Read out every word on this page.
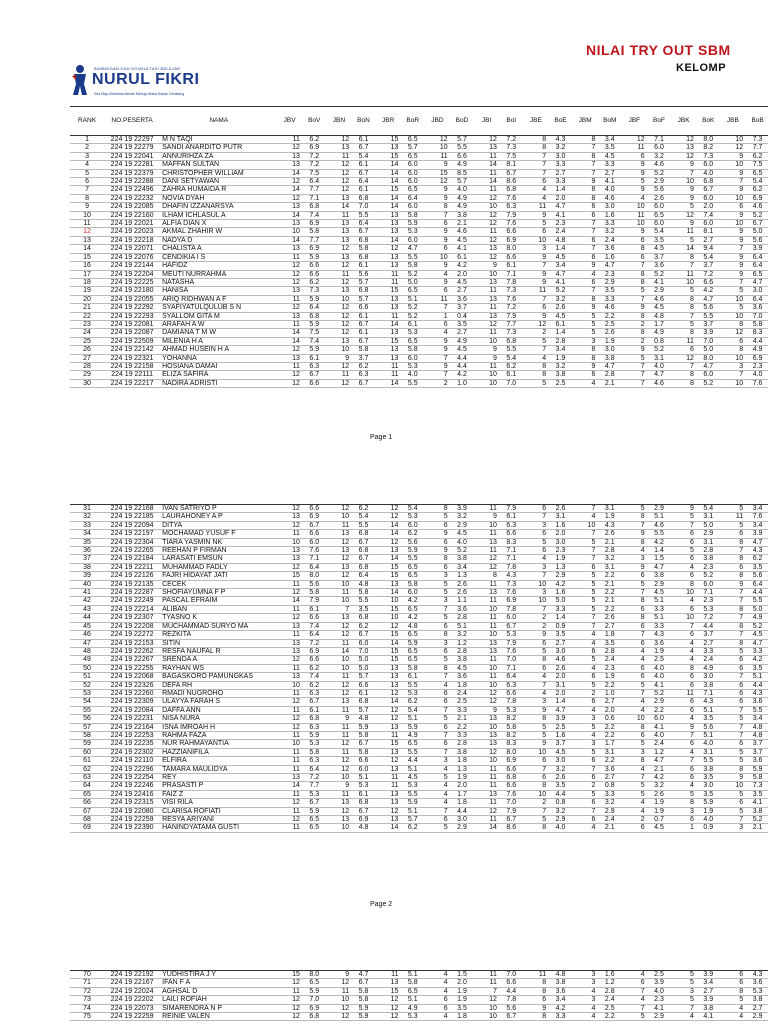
BIMBINGAN DAN KONSULTASI BELAJAR
NURUL FIKRI
Kita Maju Bersama Akhlak Menuju Masa Depan Gemilang
NILAI TRY OUT SBM
KELOMP
RANK	NO.PESERTA	NAMA	JBV	BoV	JBN	BoN	JBR	BoR	JBD	BoD	JBI	BoI	JBE	BoE	JBM	BoM	JBF	BoF	JBK	BoK	JBB	BoB
1	224 19 22297	M N TAQI	11	6.2	12	6.1	15	6.5	12	5.7	12	7.2	8	4.3	8	3.4	12	7.1	12	8.0	10	7.3
2	224 19 22279	SANDI ANARDITO PUTR	12	6.9	13	6.7	13	5.7	10	5.5	13	7.3	8	3.2	7	3.5	11	6.0	13	8.2	12	7.7
3	224 19 22041	ANNURIHZA ZA	13	7.2	11	5.4	15	6.5	11	6.6	11	7.5	7	3.0	8	4.5	6	3.2	12	7.3	9	6.2
4	224 19 22281	MAFFAN SULTAN	13	7.2	12	6.1	14	6.0	9	4.9	14	8.1	7	3.3	7	3.3	9	4.6	9	6.0	10	7.5
5	224 19 22379	CHRISTOPHER WILLIAM	14	7.5	12	6.7	14	6.0	15	8.5	11	6.7	7	2.7	7	2.7	9	5.2	7	4.0	9	6.5
6	224 19 22288	DANI SETYAWAN	12	6.4	12	6.4	14	6.0	12	5.7	14	8.6	6	3.3	9	4.1	5	2.9	10	6.8	7	5.4
7	224 19 22496	ZAHRA HUMAIDA R	14	7.7	12	6.1	15	6.5	9	4.0	11	6.8	4	1.4	8	4.0	9	5.6	9	6.7	9	6.2
8	224 19 22232	NOVIA DYAH	12	7.1	13	6.8	14	6.4	9	4.9	12	7.6	4	2.0	8	4.6	4	2.6	9	6.0	10	6.9
9	224 19 22085	DHAFIN IZZANARSYA	13	6.8	14	7.0	14	6.0	8	4.9	10	6.3	11	4.7	6	3.0	10	6.0	5	2.0	6	4.6
10	224 19 22160	ILHAM ICHLASUL A	14	7.4	11	5.5	13	5.8	7	3.8	12	7.9	9	4.1	6	1.6	11	6.5	12	7.4	9	5.2
11	224 19 22021	ALFIA DIAN X	13	6.9	13	6.4	13	5.9	6	2.1	12	7.6	5	2.3	7	3.3	10	6.0	9	6.0	10	6.7
12	224 19 22023	AKMAL ZHAHIR W	10	5.8	13	6.7	13	5.3	9	4.6	11	6.6	6	2.4	7	3.2	9	5.4	11	8.1	9	5.0
13	224 19 22218	NADYA D	14	7.7	13	6.8	14	6.0	9	4.5	12	6.9	10	4.8	6	2.4	6	3.5	5	2.7	9	5.6
14	224 19 22071	CHALISTA A	13	6.9	12	5.8	12	4.7	6	4.1	13	8.0	3	1.4	7	3.6	8	4.5	14	9.4	7	3.9
15	224 19 22076	CENDIKIA I S	11	5.9	13	6.8	13	5.5	10	6.1	12	6.6	9	4.5	6	1.6	6	3.7	8	5.4	9	6.4
16	224 19 22144	HAFIDZ	12	6.6	12	6.1	13	5.8	9	4.2	9	6.1	7	3.4	9	4.7	7	3.6	7	3.7	9	6.4
17	224 19 22204	MEUTI NURRAHMA	12	6.6	11	5.6	11	5.2	4	2.0	10	7.1	9	4.7	4	2.3	8	5.2	11	7.2	9	6.5
18	224 19 22225	NATASHA	12	6.2	12	5.7	11	5.0	9	4.5	13	7.8	9	4.1	6	2.9	8	4.1	10	6.6	7	4.7
19	224 19 22180	HANISA	13	7.3	13	6.8	15	6.5	6	2.7	11	7.3	11	5.2	7	3.5	5	2.9	5	4.2	5	3.0
20	224 19 22055	ARIQ RIDHWAN A F	11	5.9	10	5.7	13	5.1	11	3.6	13	7.6	7	3.2	8	3.3	7	4.6	8	4.7	10	6.4
21	224 19 22292	SYAFIYATULQULUB S N	12	6.4	12	6.6	13	5.2	7	3.7	11	7.2	6	2.6	9	4.6	9	4.5	8	5.6	5	3.6
22	224 19 22293	SYALLOM GITA M	13	6.8	12	6.1	11	5.2	1	0.4	13	7.9	9	4.5	5	2.2	8	4.8	7	5.5	10	7.0
23	224 19 22081	ARAFAH A W	11	5.9	12	6.7	14	6.1	6	3.5	12	7.7	12	6.1	5	2.5	2	1.7	5	3.7	8	5.8
24	224 19 22087	DAMIANA T M W	14	7.5	12	6.1	13	5.3	4	2.7	11	7.3	2	1.4	5	2.6	8	4.9	8	3.9	12	8.3
25	224 19 22509	MILENIA H A	14	7.4	13	6.7	15	6.5	9	4.9	10	6.8	5	2.8	3	1.9	2	0.8	11	7.0	6	4.4
26	224 19 22142	AHMAD HUSEIN H A	12	5.9	10	5.8	13	5.8	9	4.5	9	5.5	7	3.4	8	3.0	9	5.2	6	5.0	8	4.9
27	224 19 22321	YOHANNA	13	6.1	9	3.7	13	6.0	7	4.4	9	5.4	4	1.9	8	3.8	5	3.1	12	8.0	10	6.9
28	224 19 22158	HOSIANA DAMAI	11	6.3	12	6.2	11	5.3	9	4.4	11	6.2	8	3.2	9	4.7	7	4.0	7	4.7	3	2.3
29	224 19 22111	ELIZA SAFIRA	12	6.7	11	6.3	11	4.0	7	4.2	10	6.1	8	3.8	6	2.8	7	4.7	8	6.0	7	4.0
30	224 19 22217	NADIRA ADRISTI	12	6.6	12	6.7	14	5.5	2	1.0	10	7.0	5	2.5	4	2.1	7	4.6	8	5.2	10	7.6
Page 1
31	224 19 22168	IVAN SATRIYO P	12	6.6	12	6.2	12	5.4	8	3.9	11	7.9	6	2.6	7	3.1	5	2.9	9	5.4	5	3.4
32	224 19 22185	LAURAHONEY A P	13	6.9	10	5.4	12	5.3	5	3.2	9	6.1	7	3.1	4	1.9	8	5.1	5	3.1	11	7.6
33	224 19 22094	DITYA	12	6.7	11	5.5	14	6.0	6	2.9	10	6.3	3	1.6	10	4.3	7	4.6	7	5.0	5	3.4
34	224 19 22197	MOCHAMAD YUSUF F	11	6.6	13	6.8	14	6.2	9	4.5	11	6.6	6	2.0	7	2.6	9	5.5	6	2.9	6	3.9
35	224 19 22304	TIARA YASMIN NK	10	6.0	12	6.7	12	5.6	6	4.0	13	8.3	5	3.0	5	2.1	8	4.2	6	3.1	8	4.7
36	224 19 22265	REEHAN P FIRMAN	13	7.6	13	6.8	13	5.9	9	5.2	11	7.1	6	2.3	7	2.8	4	1.4	5	2.8	7	4.3
37	224 19 22184	LARASATI EMSUN	13	7.1	12	6.7	14	5.5	8	3.8	12	7.1	4	1.9	7	3.2	3	1.5	6	3.8	8	6.2
38	224 19 22211	MUHAMMAD FADLY	12	6.4	13	6.8	15	6.5	6	3.4	12	7.8	3	1.3	6	3.1	9	4.7	4	2.3	6	3.5
39	224 19 22126	FAJRI HIDAYAT JATI	15	8.0	12	6.4	15	6.5	3	1.3	8	4.3	7	2.9	5	2.2	6	3.8	6	5.2	8	5.6
40	224 19 22135	CECEK	11	5.6	10	4.8	13	5.8	5	2.6	11	7.3	10	4.2	5	2.1	5	2.9	8	6.0	9	6.4
41	224 19 22287	SHOFIAYUMNA F P	12	5.8	11	5.8	14	6.0	5	2.6	13	7.6	3	1.6	5	2.2	7	4.5	10	7.1	7	4.4
42	224 19 22249	PASCAL EFRAIM	14	7.9	10	5.5	10	4.2	3	1.1	11	6.9	10	5.0	5	2.1	8	5.1	4	2.3	7	5.5
43	224 19 22214	ALIBAN	11	6.1	7	3.5	15	6.5	7	3.6	10	7.8	7	3.3	5	2.2	6	3.3	6	5.3	8	5.0
44	224 19 22307	TYASNO K	12	6.6	13	6.8	10	4.2	5	2.8	11	6.0	2	1.4	7	2.6	8	5.1	10	7.2	7	4.9
45	224 19 22208	MUCHAMMAD SURYO MA	13	7.4	12	6.2	12	4.8	6	5.1	11	6.7	2	0.9	7	2.7	6	3.3	7	4.4	8	5.2
46	224 19 22272	REZKITA	11	6.4	12	6.7	15	6.5	8	3.2	10	5.3	9	3.5	4	1.8	7	4.3	6	3.7	7	4.5
47	224 19 22153	SITIN	13	7.2	11	6.0	14	5.9	3	1.2	13	7.9	6	2.7	4	3.5	6	3.6	4	2.7	8	4.7
48	224 19 22262	RESFA NAUFAL R	13	6.9	14	7.0	15	6.5	6	2.8	13	7.6	5	3.0	6	2.8	4	1.9	4	3.3	5	3.3
49	224 19 22267	SRENDA A	12	6.6	10	5.0	15	6.5	5	3.8	11	7.0	8	4.6	5	2.4	4	2.5	4	2.4	6	4.2
50	224 19 22255	RAYHAN WS	11	6.2	10	5.0	13	5.8	8	4.5	10	7.1	6	2.6	4	2.3	6	4.0	8	4.9	6	3.5
51	224 19 22068	BAGASKORO PAMUNGKAS	13	7.4	11	5.7	13	6.1	7	3.6	11	6.4	4	2.0	6	1.9	6	4.0	6	3.0	7	5.1
52	224 19 22326	DEFA RH	10	6.2	12	6.6	13	5.5	4	1.8	10	6.3	7	3.1	5	2.2	5	4.1	6	3.8	6	4.4
53	224 19 22260	RMADI NUGROHO	11	6.3	12	6.1	12	5.3	6	2.4	12	6.6	4	2.0	2	1.0	7	5.2	11	7.1	6	4.3
54	224 19 22309	ULAYYA FARAH S	12	6.7	13	6.8	14	6.2	6	2.5	12	7.8	3	1.4	6	2.7	4	2.9	6	4.3	6	3.6
55	224 19 22084	DAFFA ANN	11	6.1	11	5.7	12	5.4	7	3.3	9	5.3	9	4.7	4	2.0	4	2.2	6	5.1	7	5.5
56	224 19 22231	NISA NURA	12	6.8	9	4.8	12	5.1	5	2.1	13	8.2	8	3.9	3	0.6	10	6.0	4	3.5	5	3.4
57	224 19 22164	ISNA IMROAH H	12	6.3	11	5.9	13	5.9	6	2.2	10	5.8	5	2.5	5	2.2	8	4.1	9	5.6	7	4.8
58	224 19 22253	RAHMA FAZA	11	5.9	11	5.8	11	4.9	7	3.3	13	8.2	5	1.6	4	2.2	6	4.0	7	5.1	7	4.8
59	224 19 22235	NUR RAHMAYANTIA	10	5.3	12	6.7	15	6.5	6	2.8	13	8.3	9	3.7	3	1.7	5	2.4	6	4.0	6	3.7
60	224 19 22302	HAZZIANIFILA	11	5.8	11	5.8	13	5.5	7	3.8	12	8.0	10	4.5	5	3.1	3	1.2	4	3.1	5	3.7
61	224 19 22110	ELFIRA	11	6.3	12	6.6	12	4.4	3	1.8	10	6.9	6	3.0	6	2.2	8	4.7	7	5.5	5	3.6
62	224 19 22296	TAMARA MAULIDYA	11	6.4	12	6.0	13	5.1	4	1.3	11	6.6	7	3.2	7	3.6	4	2.1	6	3.8	8	5.9
63	224 19 22254	REY	13	7.2	10	5.1	11	4.5	5	1.9	11	6.8	6	2.6	6	2.7	7	4.2	6	3.5	9	5.8
64	224 19 22246	PRASASTI P	14	7.7	9	5.3	11	5.3	4	2.0	11	6.6	8	3.5	2	0.8	5	3.2	4	3.0	10	7.3
65	224 19 22416	FAIZ Z	11	5.3	11	6.1	13	5.5	4	1.7	13	7.6	10	4.4	5	3.3	5	2.6	5	3.5	5	3.5
66	224 19 22315	VISI RILA	12	6.7	13	6.8	13	5.9	4	1.8	11	7.0	2	0.8	6	3.2	4	1.9	8	5.9	6	4.1
67	224 19 22080	CLARISA ROFIATI	11	5.9	12	6.7	12	5.1	7	4.4	12	7.9	7	3.2	7	2.9	4	1.9	3	1.9	5	3.8
68	224 19 22259	RESYA ARIYANI	12	6.5	13	6.9	13	5.7	6	3.0	11	6.7	5	2.9	6	2.4	2	0.7	6	4.0	7	5.2
69	224 19 22390	HANINDYATAMA GUSTI	11	6.5	10	4.8	14	6.2	5	2.9	14	8.6	8	4.0	4	2.1	6	4.5	1	0.9	3	2.1
Page 2
70	224 19 22192	YUDHISTIRA J Y	15	8.0	9	4.7	11	5.1	4	1.5	11	7.0	11	4.8	3	1.6	4	2.5	5	3.9	6	4.3
71	224 19 22167	IFAN F A	12	6.5	12	6.7	13	5.8	4	2.0	11	6.6	8	3.8	3	1.2	6	3.9	5	3.4	6	3.6
72	224 19 22024	AGHSAL D	11	5.9	11	5.8	15	6.5	4	1.9	7	4.4	8	3.6	4	2.8	7	4.0	3	2.7	8	5.3
73	224 19 22202	LAILI ROFIAH	12	7.0	10	5.8	12	5.1	6	1.9	12	7.8	6	3.4	3	2.4	4	2.3	5	3.9	5	3.8
74	224 19 22073	SIMARENDRA N P	12	6.9	12	5.9	12	4.9	6	3.5	10	5.6	9	4.2	4	2.5	7	4.1	7	3.8	4	2.7
75	224 19 22259	REINIE VALEN	12	6.8	12	5.9	12	5.3	4	1.8	10	6.7	8	3.3	4	2.2	5	2.9	4	4.1	4	2.9
